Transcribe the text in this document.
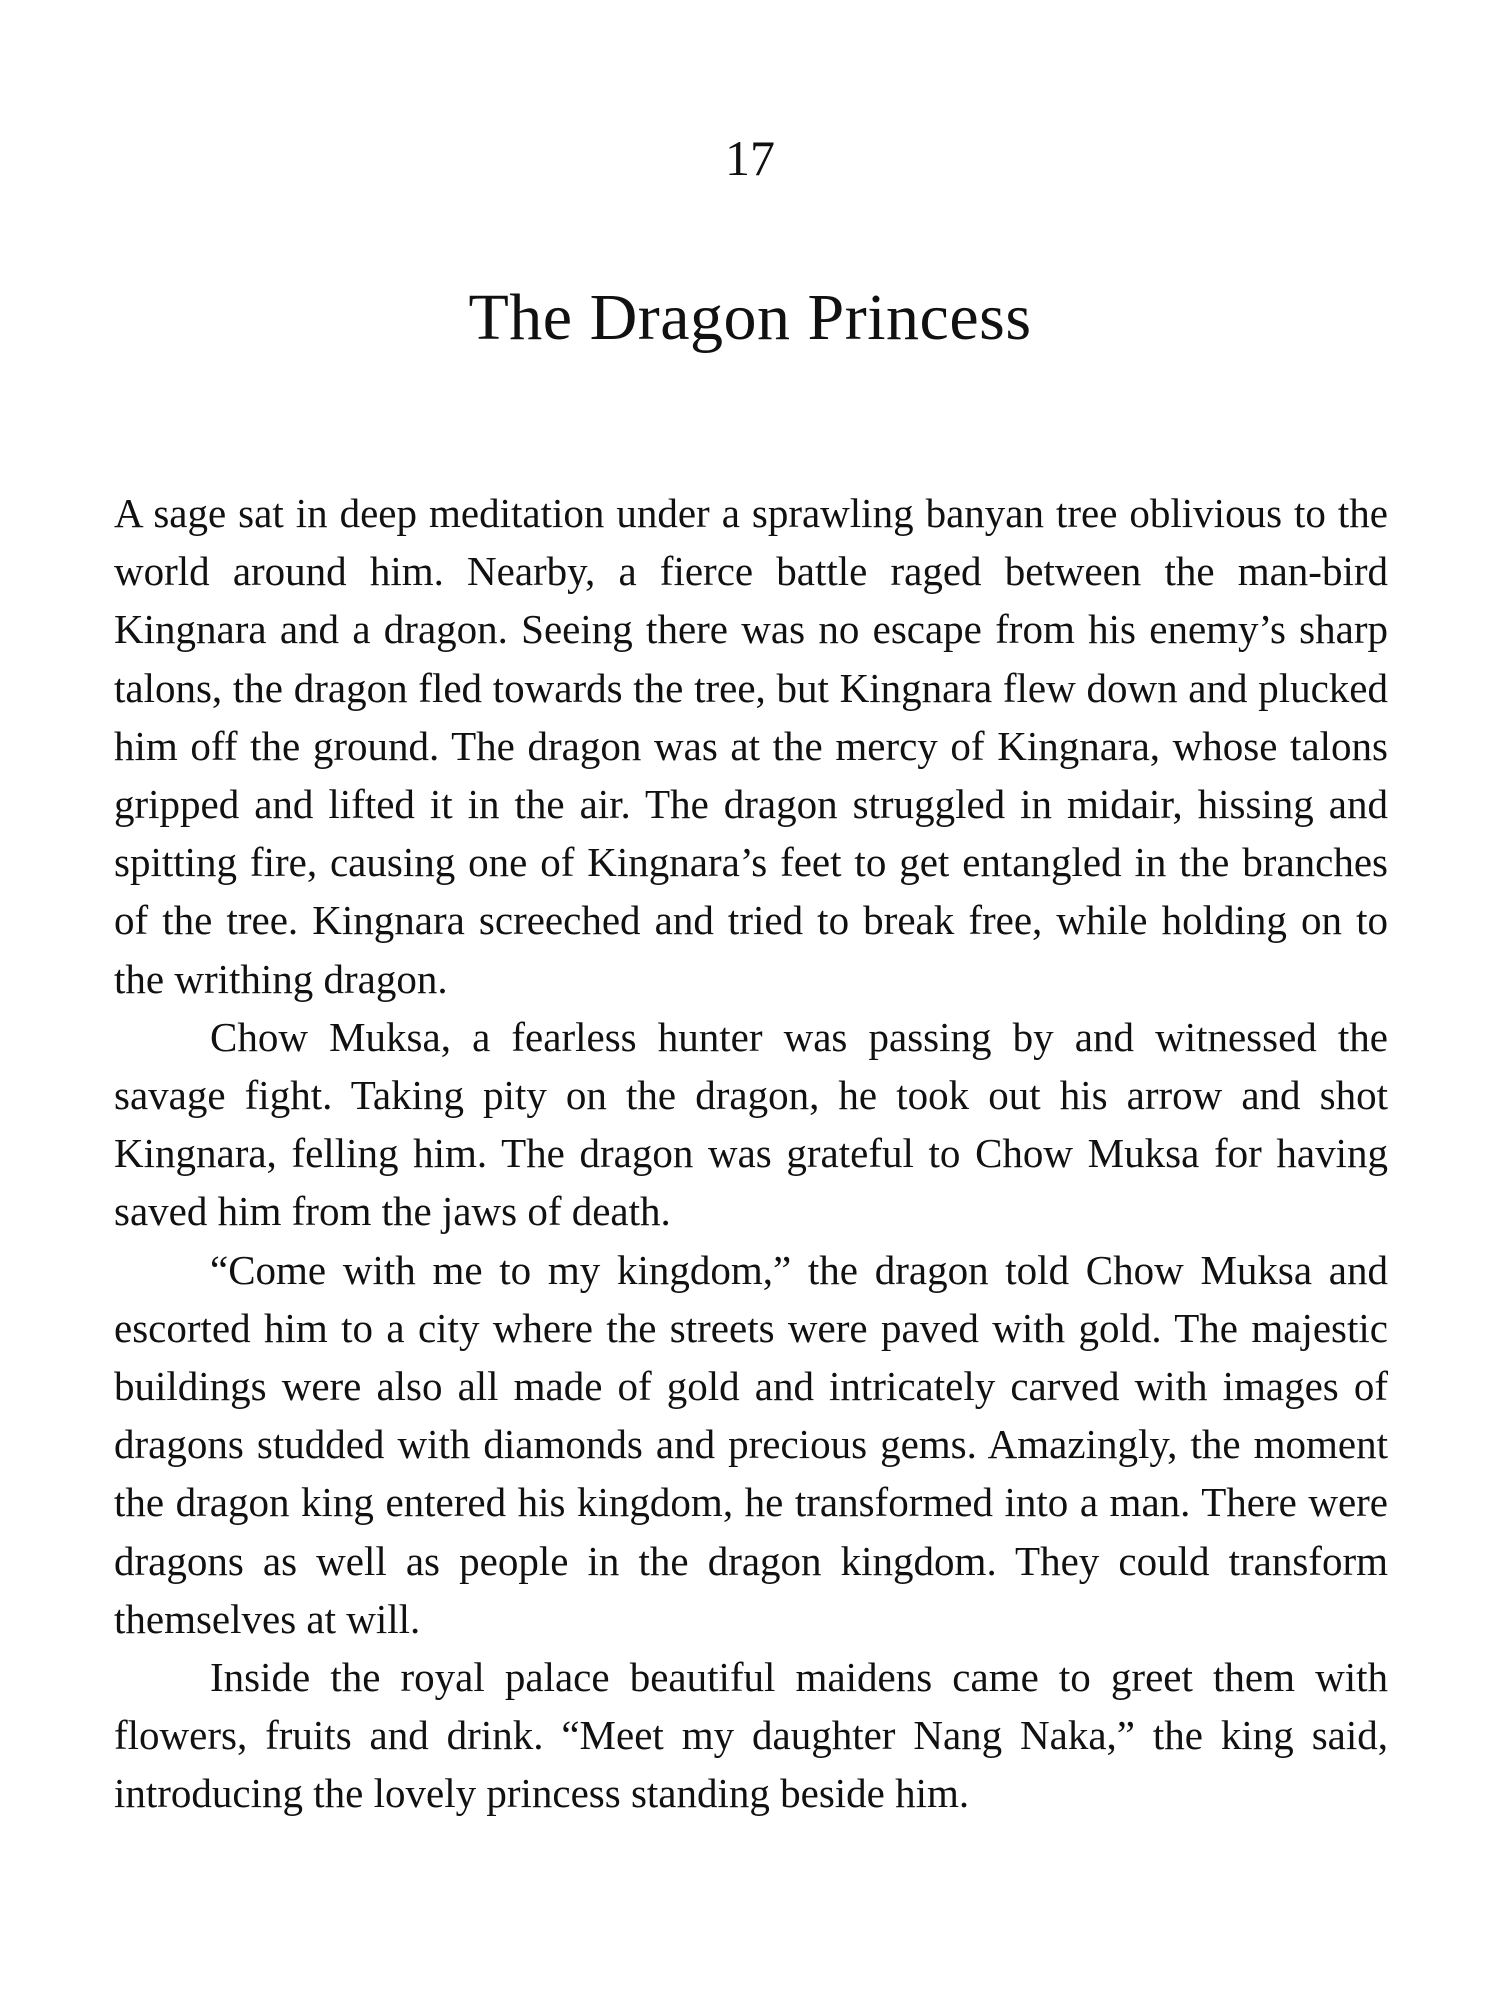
17
The Dragon Princess

A sage sat in deep meditation under a sprawling banyan tree oblivious to the world around him. Nearby, a fierce battle raged between the man-bird Kingnara and a dragon. Seeing there was no escape from his enemy’s sharp talons, the dragon fled towards the tree, but Kingnara flew down and plucked him off the ground. The dragon was at the mercy of Kingnara, whose talons gripped and lifted it in the air. The dragon struggled in midair, hissing and spitting fire, causing one of Kingnara’s feet to get entangled in the branches of the tree. Kingnara screeched and tried to break free, while holding on to the writhing dragon.

Chow Muksa, a fearless hunter was passing by and witnessed the savage fight. Taking pity on the dragon, he took out his arrow and shot Kingnara, felling him. The dragon was grateful to Chow Muksa for having saved him from the jaws of death.

“Come with me to my kingdom,” the dragon told Chow Muksa and escorted him to a city where the streets were paved with gold. The majestic buildings were also all made of gold and intricately carved with images of dragons studded with diamonds and precious gems. Amazingly, the moment the dragon king entered his kingdom, he transformed into a man. There were dragons as well as people in the dragon kingdom. They could transform themselves at will.

Inside the royal palace beautiful maidens came to greet them with flowers, fruits and drink. “Meet my daughter Nang Naka,” the king said, introducing the lovely princess standing beside him.
